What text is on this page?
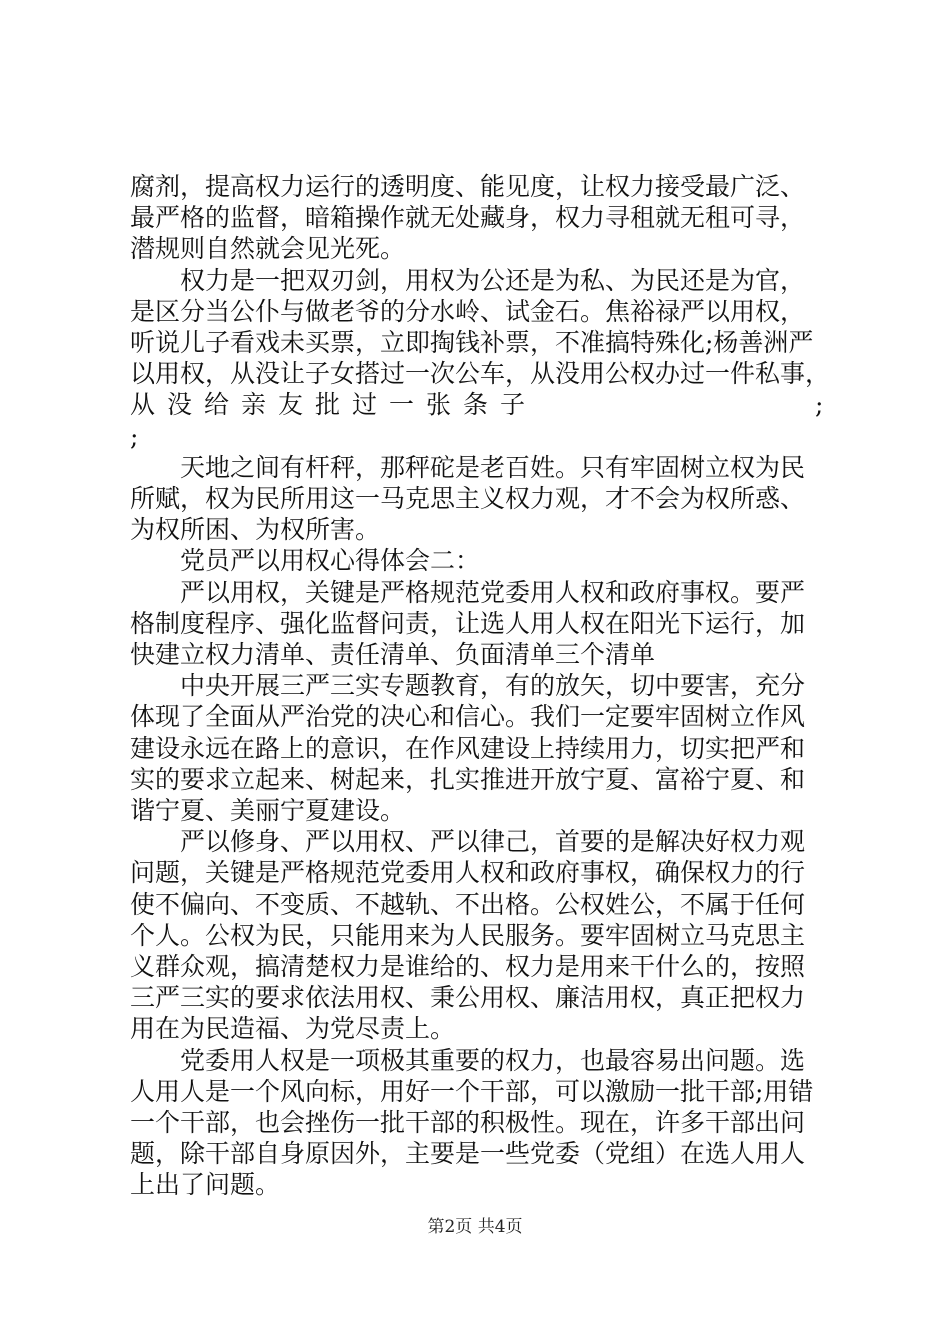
腐剂，提高权力运行的透明度、能见度，让权力接受最广泛、
最严格的监督，暗箱操作就无处藏身，权力寻租就无租可寻，
潜规则自然就会见光死。
　　权力是一把双刃剑，用权为公还是为私、为民还是为官，
是区分当公仆与做老爷的分水岭、试金石。焦裕禄严以用权，
听说儿子看戏未买票，立即掏钱补票，不准搞特殊化;杨善洲严
以用权，从没让子女搭过一次公车，从没用公权办过一件私事，
从没给亲友批过一张条子	;
;
　　天地之间有杆秤，那秤砣是老百姓。只有牢固树立权为民
所赋，权为民所用这一马克思主义权力观，才不会为权所惑、
为权所困、为权所害。
　　党员严以用权心得体会二：
　　严以用权，关键是严格规范党委用人权和政府事权。要严
格制度程序、强化监督问责，让选人用人权在阳光下运行，加
快建立权力清单、责任清单、负面清单三个清单
　　中央开展三严三实专题教育，有的放矢，切中要害，充分
体现了全面从严治党的决心和信心。我们一定要牢固树立作风
建设永远在路上的意识，在作风建设上持续用力，切实把严和
实的要求立起来、树起来，扎实推进开放宁夏、富裕宁夏、和
谐宁夏、美丽宁夏建设。
　　严以修身、严以用权、严以律己，首要的是解决好权力观
问题，关键是严格规范党委用人权和政府事权，确保权力的行
使不偏向、不变质、不越轨、不出格。公权姓公，不属于任何
个人。公权为民，只能用来为人民服务。要牢固树立马克思主
义群众观，搞清楚权力是谁给的、权力是用来干什么的，按照
三严三实的要求依法用权、秉公用权、廉洁用权，真正把权力
用在为民造福、为党尽责上。
　　党委用人权是一项极其重要的权力，也最容易出问题。选
人用人是一个风向标，用好一个干部，可以激励一批干部;用错
一个干部，也会挫伤一批干部的积极性。现在，许多干部出问
题，除干部自身原因外，主要是一些党委（党组）在选人用人
上出了问题。
第2页 共4页
